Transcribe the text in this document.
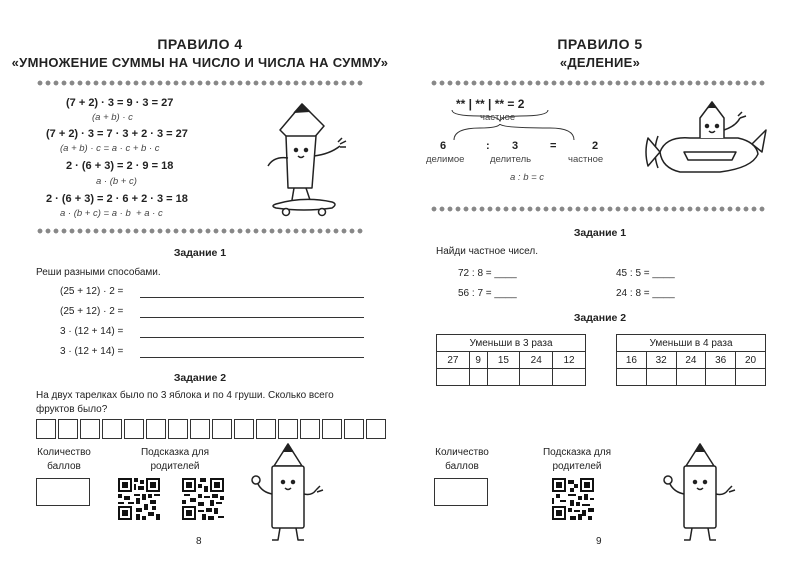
ПРАВИЛО 4
«УМНОЖЕНИЕ СУММЫ НА ЧИСЛО И ЧИСЛА НА СУММУ»
(7 + 2) · 3 = 9 · 3 = 27
(a + b) · c
(7 + 2) · 3 = 7 · 3 + 2 · 3 = 27
(a + b) · c = a · c + b · c
2 · (6 + 3) = 2 · 9 = 18
a · (b + c)
2 · (6 + 3) = 2 · 6 + 2 · 3 = 18
a · (b + c) = a · b  + a · c
Задание 1
Реши разными способами.
(25 + 12) · 2 =
(25 + 12) · 2 =
3 · (12 + 14) =
3 · (12 + 14) =
Задание 2
На двух тарелках было по 3 яблока и по 4 груши. Сколько всего фруктов было?
Количество баллов
Подсказка для родителей
8
ПРАВИЛО 5
«ДЕЛЕНИЕ»
** | ** | ** = 2
частное
6	: 3	=	2
делимое	делитель	частное
a : b = c
Задание 1
Найди частное чисел.
72 : 8 = ____	45 : 5 = ____
56 : 7 = ____	24 : 8 = ____
Задание 2
Уменьши в 3 раза				
27	9	15	24	12

Уменьши в 4 раза				
16	32	24	36	20

Количество баллов
Подсказка для родителей
9
